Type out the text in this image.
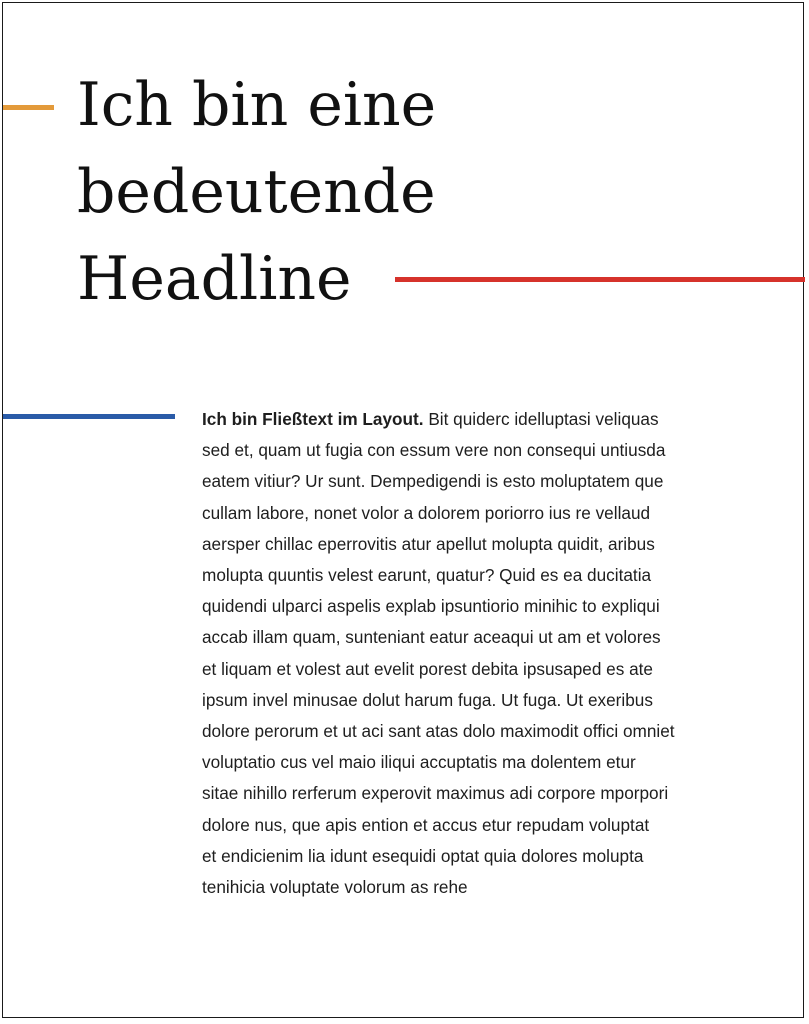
Ich bin eine
bedeutende
Headline

Ich bin Fließtext im Layout. Bit quiderc idelluptasi veliquas
sed et, quam ut fugia con essum vere non consequi untiusda
eatem vitiur? Ur sunt. Dempedigendi is esto moluptatem que
cullam labore, nonet volor a dolorem poriorro ius re vellaud
aersper chillac eperrovitis atur apellut molupta quidit, aribus
molupta quuntis velest earunt, quatur? Quid es ea ducitatia
quidendi ulparci aspelis explab ipsuntiorio minihic to expliqui
accab illam quam, sunteniant eatur aceaqui ut am et volores
et liquam et volest aut evelit porest debita ipsusaped es ate
ipsum invel minusae dolut harum fuga. Ut fuga. Ut exeribus
dolore perorum et ut aci sant atas dolo maximodit offici omniet
voluptatio cus vel maio iliqui accuptatis ma dolentem etur
sitae nihillo rerferum experovit maximus adi corpore mporpori
dolore nus, que apis ention et accus etur repudam voluptat
et endicienim lia idunt esequidi optat quia dolores molupta
tenihicia voluptate volorum as rehe
